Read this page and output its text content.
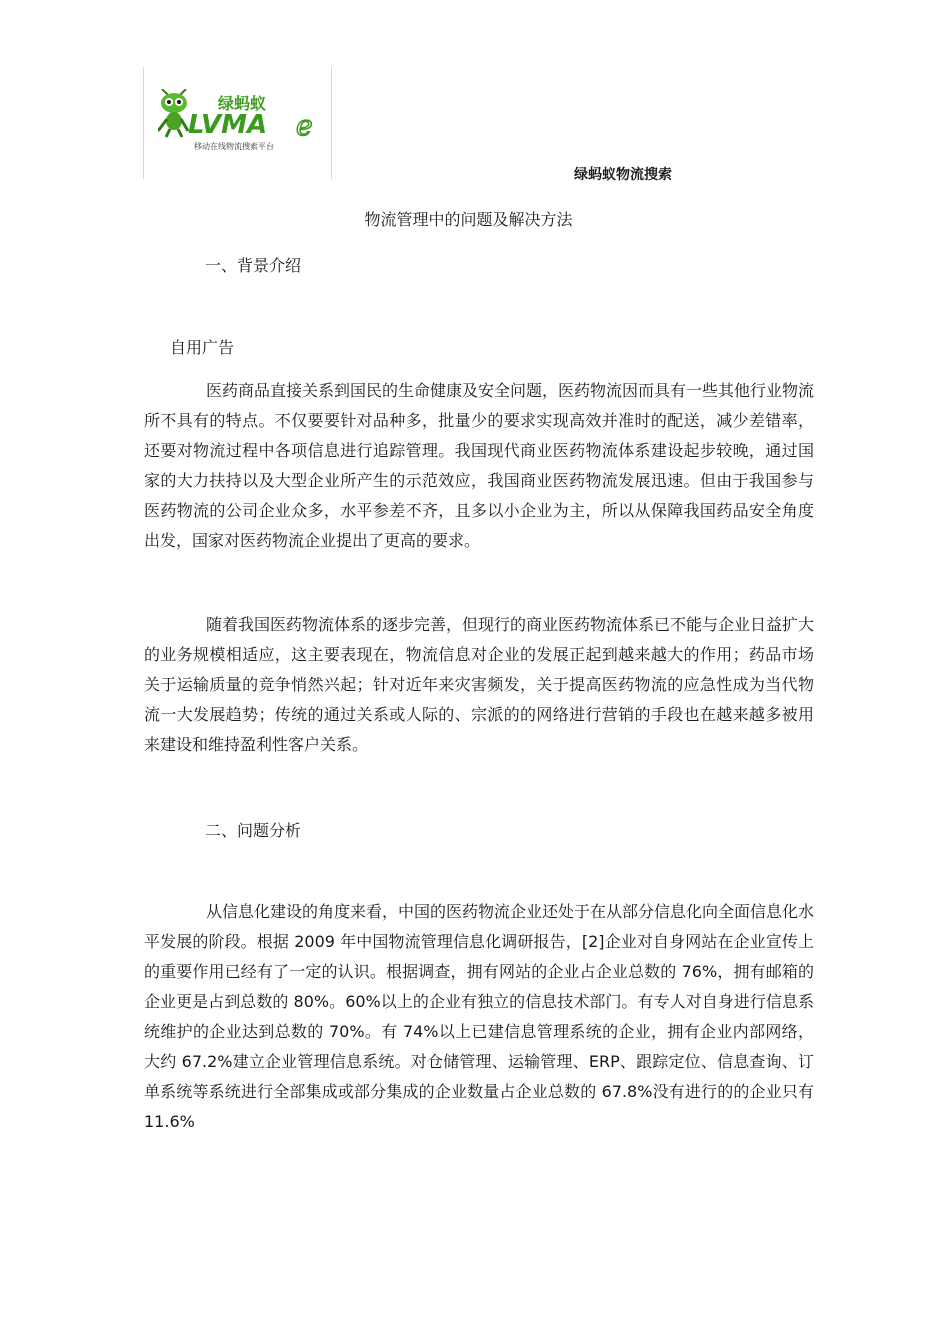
绿蚂蚁
LVMA e
移动在线物流搜索平台
绿蚂蚁物流搜索
物流管理中的问题及解决方法
一、背景介绍
自用广告

医药商品直接关系到国民的生命健康及安全问题，医药物流因而具有一些其他行业物流所不具有的特点。不仅要要针对品种多，批量少的要求实现高效并准时的配送，减少差错率，还要对物流过程中各项信息进行追踪管理。我国现代商业医药物流体系建设起步较晚，通过国家的大力扶持以及大型企业所产生的示范效应，我国商业医药物流发展迅速。但由于我国参与医药物流的公司企业众多，水平参差不齐，且多以小企业为主，所以从保障我国药品安全角度出发，国家对医药物流企业提出了更高的要求。

随着我国医药物流体系的逐步完善，但现行的商业医药物流体系已不能与企业日益扩大的业务规模相适应，这主要表现在，物流信息对企业的发展正起到越来越大的作用；药品市场关于运输质量的竞争悄然兴起；针对近年来灾害频发，关于提高医药物流的应急性成为当代物流一大发展趋势；传统的通过关系或人际的、宗派的的网络进行营销的手段也在越来越多被用来建设和维持盈利性客户关系。

二、问题分析

从信息化建设的角度来看，中国的医药物流企业还处于在从部分信息化向全面信息化水平发展的阶段。根据 2009 年中国物流管理信息化调研报告，[2]企业对自身网站在企业宣传上的重要作用已经有了一定的认识。根据调查，拥有网站的企业占企业总数的 76%，拥有邮箱的企业更是占到总数的 80%。60%以上的企业有独立的信息技术部门。有专人对自身进行信息系统维护的企业达到总数的 70%。有 74%以上已建信息管理系统的企业，拥有企业内部网络，大约 67.2%建立企业管理信息系统。对仓储管理、运输管理、ERP、跟踪定位、信息查询、订单系统等系统进行全部集成或部分集成的企业数量占企业总数的 67.8%没有进行的的企业只有 11.6%
